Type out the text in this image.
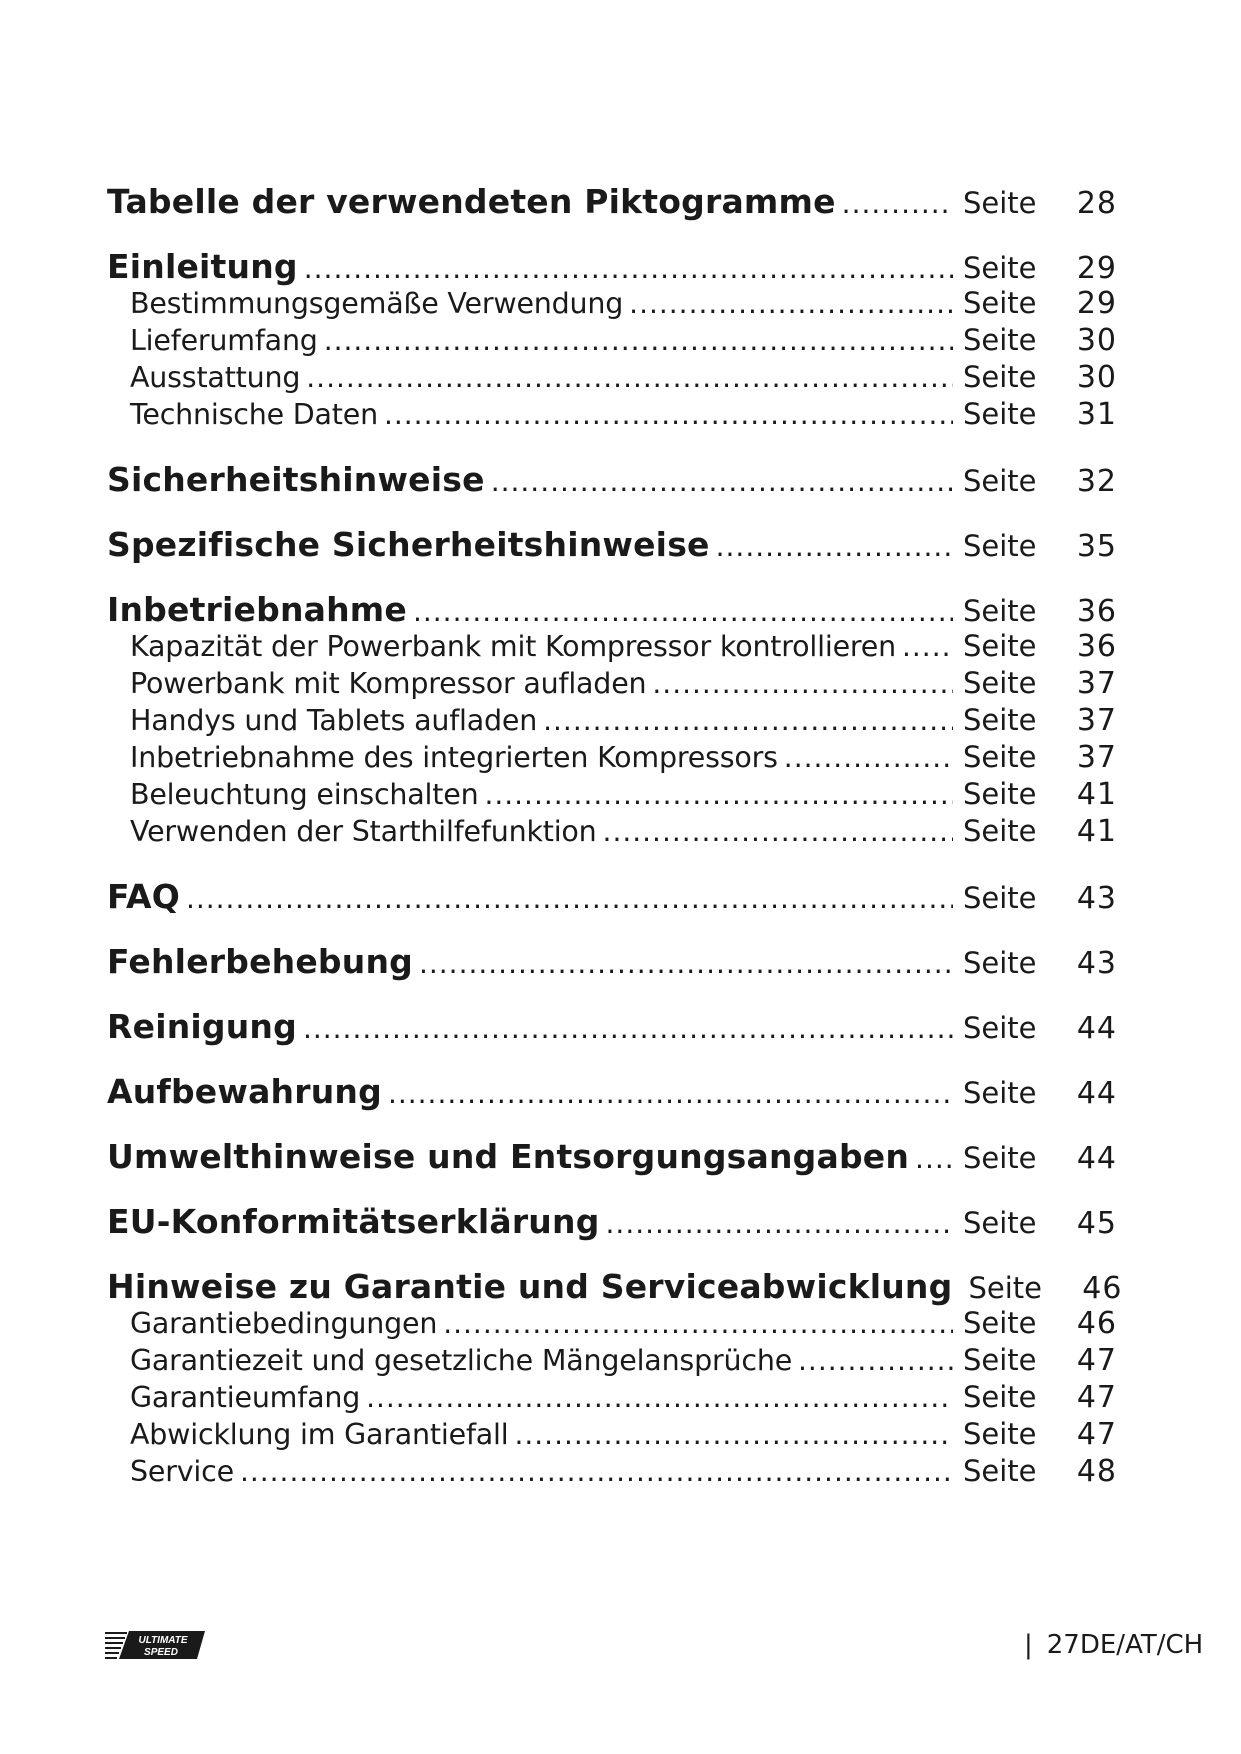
Tabelle der verwendeten Piktogramme .....	Seite	28
Einleitung .....	Seite	29
Bestimmungsgemäße Verwendung .....	Seite	29
Lieferumfang .....	Seite	30
Ausstattung .....	Seite	30
Technische Daten .....	Seite	31
Sicherheitshinweise .....	Seite	32
Spezifische Sicherheitshinweise .....	Seite	35
Inbetriebnahme .....	Seite	36
Kapazität der Powerbank mit Kompressor kontrollieren ..... Seite	36
Powerbank mit Kompressor aufladen .....	Seite	37
Handys und Tablets aufladen .....	Seite	37
Inbetriebnahme des integrierten Kompressors .....	Seite	37
Beleuchtung einschalten .....	Seite	41
Verwenden der Starthilfefunktion .....	Seite	41
FAQ .....	Seite	43
Fehlerbehebung .....	Seite	43
Reinigung .....	Seite	44
Aufbewahrung .....	Seite	44
Umwelthinweise und Entsorgungsangaben ..... Seite	44
EU-Konformitätserklärung .....	Seite	45
Hinweise zu Garantie und Serviceabwicklung Seite	46
Garantiebedingungen .....	Seite	46
Garantiezeit und gesetzliche Mängelansprüche .....	Seite	47
Garantieumfang .....	Seite	47
Abwicklung im Garantiefall .....	Seite	47
Service .....	Seite	48
ULTIMATE
SPEED	| 27DE/AT/CH
